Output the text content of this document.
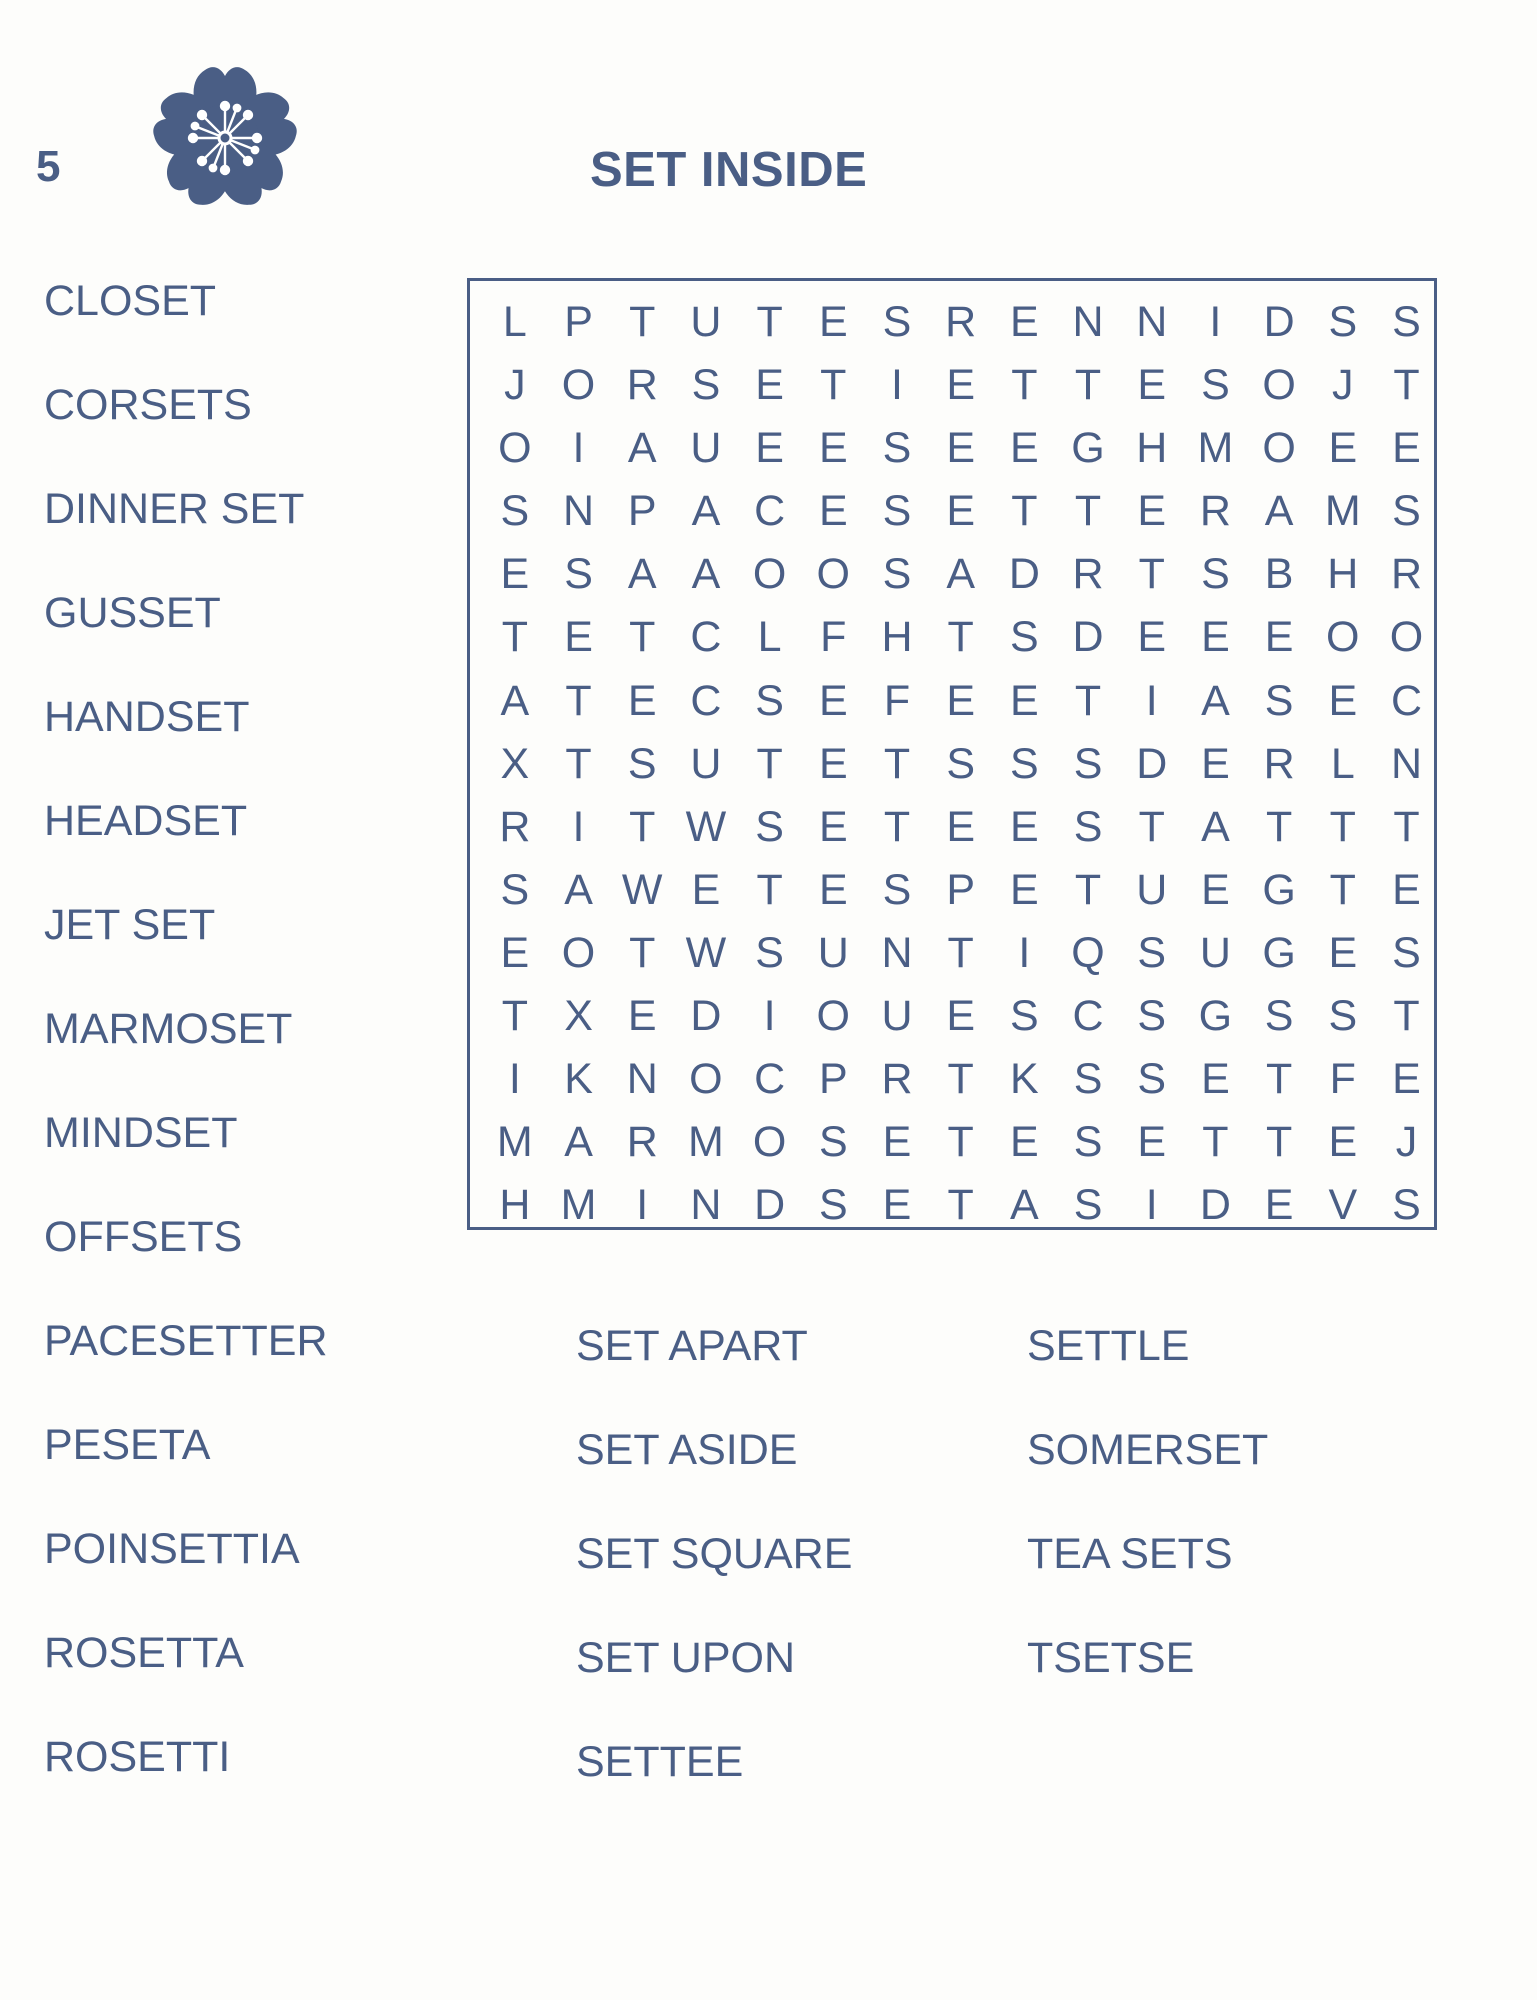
5	SET INSIDE
CLOSET
CORSETS
DINNER SET
GUSSET
HANDSET
HEADSET
JET SET
MARMOSET
MINDSET
OFFSETS
PACESETTER
PESETA
POINSETTIA
ROSETTA
ROSETTI
L P T U T E S R E N N I D S S
J O R S E T	I	E T T E S O J T
O I	A U E E S E E G H M O E E
S N P A C E S E T T E R A M S
E S A A O O S A D R T S B H R
T E T C L F H T S D E E E O O
A T E C S E F E E T	I	A S E C
X T S U T E T S S S D E R L N
R I	T W S E T E E S T A T T T
S A W E T E S P E T U E G T E
E O T W S U N T	I Q S U G E S
T X E D I O U E S C S G S S T
I	K N O C P R T K S S E T F E
M A R M O S E T E S E T T E J
H M I N D S E T A S	I D E V S
SET APART
SET ASIDE
SET SQUARE
SET UPON
SETTEE
SETTLE
SOMERSET
TEA SETS
TSETSE
